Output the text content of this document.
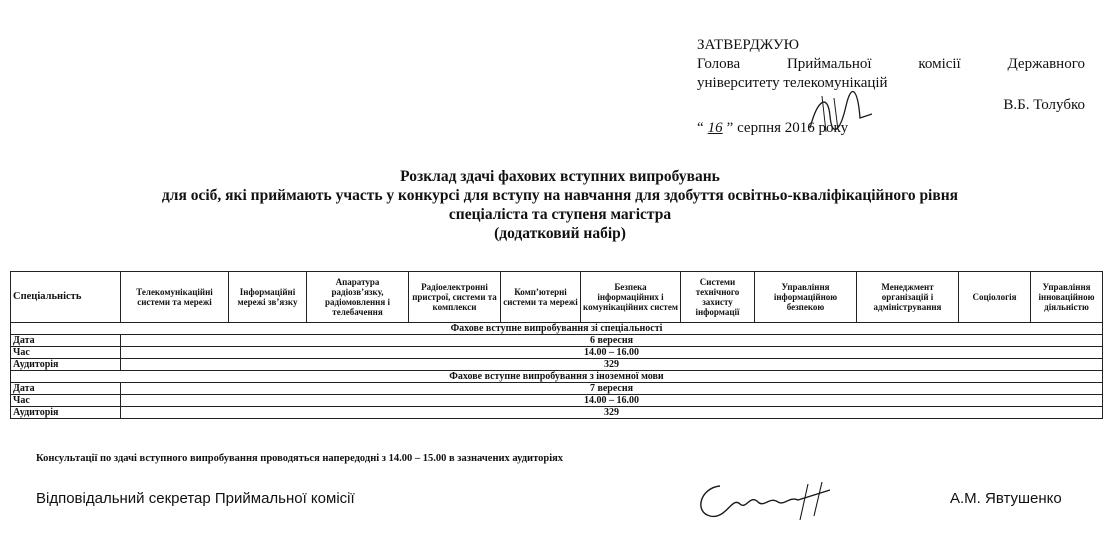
ЗАТВЕРДЖУЮ
Голова Приймальної комісії Державного
університету телекомунікацій
В.Б. Толубко
“ 16 ” серпня 2016 року
Розклад здачі фахових вступних випробувань
для осіб, які приймають участь у конкурсі для вступу на навчання для здобуття освітньо-кваліфікаційного рівня
спеціаліста та ступеня магістра
(додатковий набір)
Спеціальність	Телекомунікаційні системи та мережі	Інформаційні мережі зв’язку	Апаратура радіозв’язку, радіомовлення і телебачення	Радіоелектронні пристрої, системи та комплекси	Комп’ютерні системи та мережі	Безпека інформаційних і комунікаційних систем	Системи технічного захисту інформації	Управління інформаційною безпекою	Менеджмент організацій і адміністрування	Соціологія	Управління інноваційною діяльністю
Фахове вступне випробування зі спеціальності											
Дата	6 вересня										
Час	14.00 – 16.00										
Аудиторія	329										
Фахове вступне випробування з іноземної мови											
Дата	7 вересня										
Час	14.00 – 16.00										
Аудиторія	329										
Консультації по здачі вступного випробування проводяться напередодні з 14.00 – 15.00 в зазначених аудиторіях
Відповідальний секретар Приймальної комісії	А.М. Явтушенко
